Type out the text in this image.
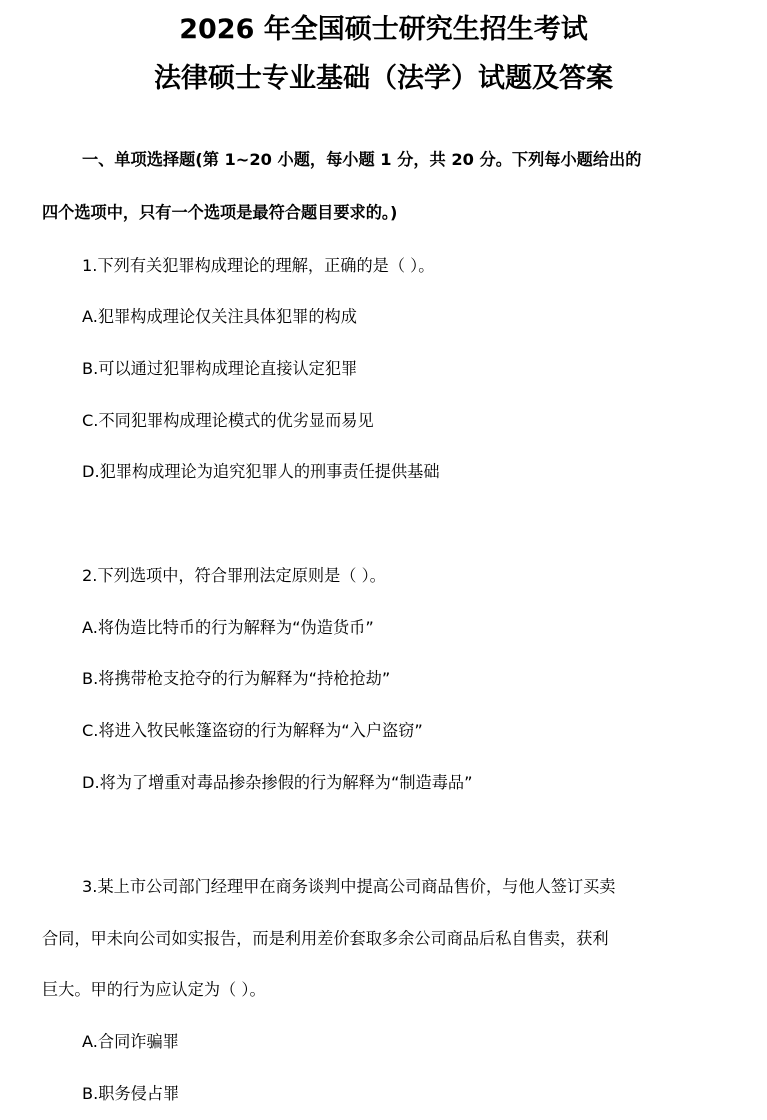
2026 年全国硕士研究生招生考试
法律硕士专业基础（法学）试题及答案
一、单项选择题(第 1~20 小题，每小题 1 分，共 20 分。下列每小题给出的
四个选项中，只有一个选项是最符合题目要求的。)
1.下列有关犯罪构成理论的理解，正确的是（ ）。
A.犯罪构成理论仅关注具体犯罪的构成
B.可以通过犯罪构成理论直接认定犯罪
C.不同犯罪构成理论模式的优劣显而易见
D.犯罪构成理论为追究犯罪人的刑事责任提供基础
2.下列选项中，符合罪刑法定原则是（ ）。
A.将伪造比特币的行为解释为“伪造货币”
B.将携带枪支抢夺的行为解释为“持枪抢劫”
C.将进入牧民帐篷盗窃的行为解释为“入户盗窃”
D.将为了增重对毒品掺杂掺假的行为解释为“制造毒品”
3.某上市公司部门经理甲在商务谈判中提高公司商品售价，与他人签订买卖
合同，甲未向公司如实报告，而是利用差价套取多余公司商品后私自售卖，获利
巨大。甲的行为应认定为（ ）。
A.合同诈骗罪
B.职务侵占罪
